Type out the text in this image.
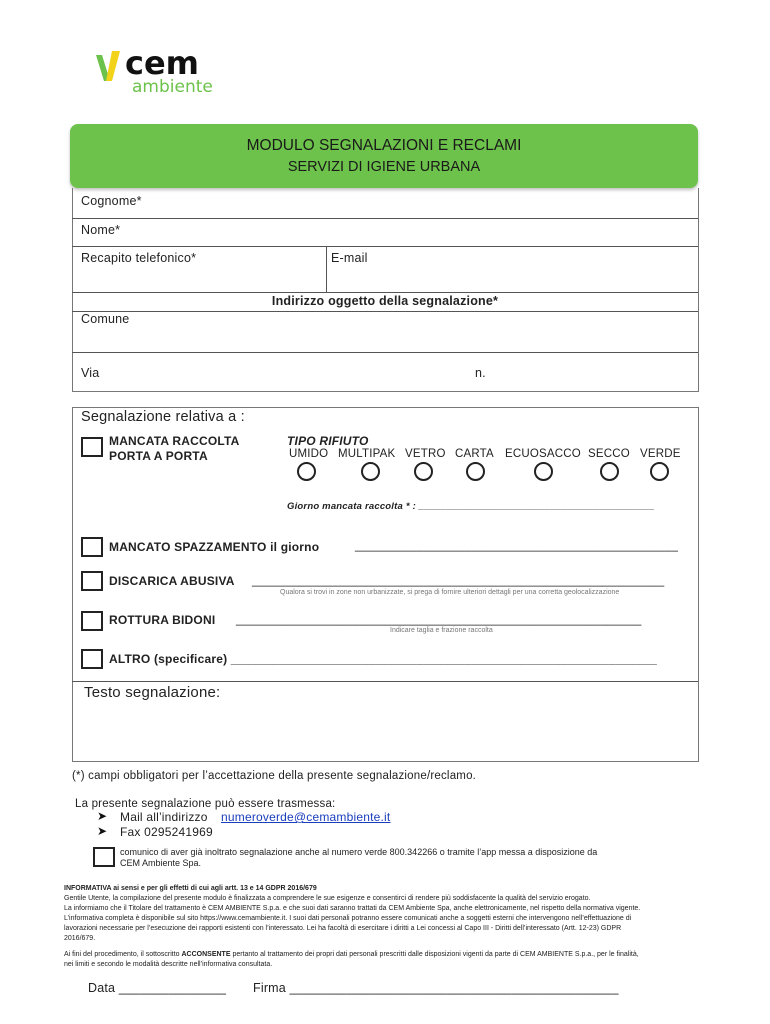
cem
ambiente
MODULO SEGNALAZIONI E RECLAMI
SERVIZI DI IGIENE URBANA
Cognome*
Nome*
Recapito telefonico*	E-mail
Indirizzo oggetto della segnalazione*
Comune
Via	n.
Segnalazione relativa a :
MANCATA RACCOLTA
PORTA A PORTA
TIPO RIFIUTO
UMIDO MULTIPAK VETRO CARTA ECUOSACCO SECCO VERDE
Giorno mancata raccolta * : ___________________________________________
MANCATO SPAZZAMENTO il giorno	_______________________________________________
DISCARICA ABUSIVA ____________________________________________________________
Qualora si trovi in zone non urbanizzate, si prega di fornire ulteriori dettagli per una corretta geolocalizzazione
ROTTURA BIDONI ___________________________________________________________
Indicare taglia e frazione raccolta
ALTRO (specificare) ______________________________________________________________
Testo segnalazione:
(*) campi obbligatori per l’accettazione della presente segnalazione/reclamo.
La presente segnalazione può essere trasmessa:
➤ Mail all’indirizzo numeroverde@cemambiente.it
➤ Fax 0295241969
comunico di aver già inoltrato segnalazione anche al numero verde 800.342266 o tramite l’app messa a disposizione da
CEM Ambiente Spa.
INFORMATIVA ai sensi e per gli effetti di cui agli artt. 13 e 14 GDPR 2016/679
Gentile Utente, la compilazione del presente modulo è finalizzata a comprendere le sue esigenze e consentirci di rendere più soddisfacente la qualità del servizio erogato.
La informiamo che il Titolare del trattamento è CEM AMBIENTE S.p.a. e che suoi dati saranno trattati da CEM Ambiente Spa, anche elettronicamente, nel rispetto della normativa vigente.
L’informativa completa è disponibile sul sito https://www.cemambiente.it. I suoi dati personali potranno essere comunicati anche a soggetti esterni che intervengono nell’effettuazione di
lavorazioni necessarie per l’esecuzione dei rapporti esistenti con l’interessato. Lei ha facoltà di esercitare i diritti a Lei concessi al Capo III - Diritti dell’interessato (Artt. 12-23) GDPR
2016/679.
Ai fini del procedimento, il sottoscritto ACCONSENTE pertanto al trattamento dei propri dati personali prescritti dalle disposizioni vigenti da parte di CEM AMBIENTE S.p.a., per le finalità,
nei limiti e secondo le modalità descritte nell’informativa consultata.
Data _______________ Firma ______________________________________________
